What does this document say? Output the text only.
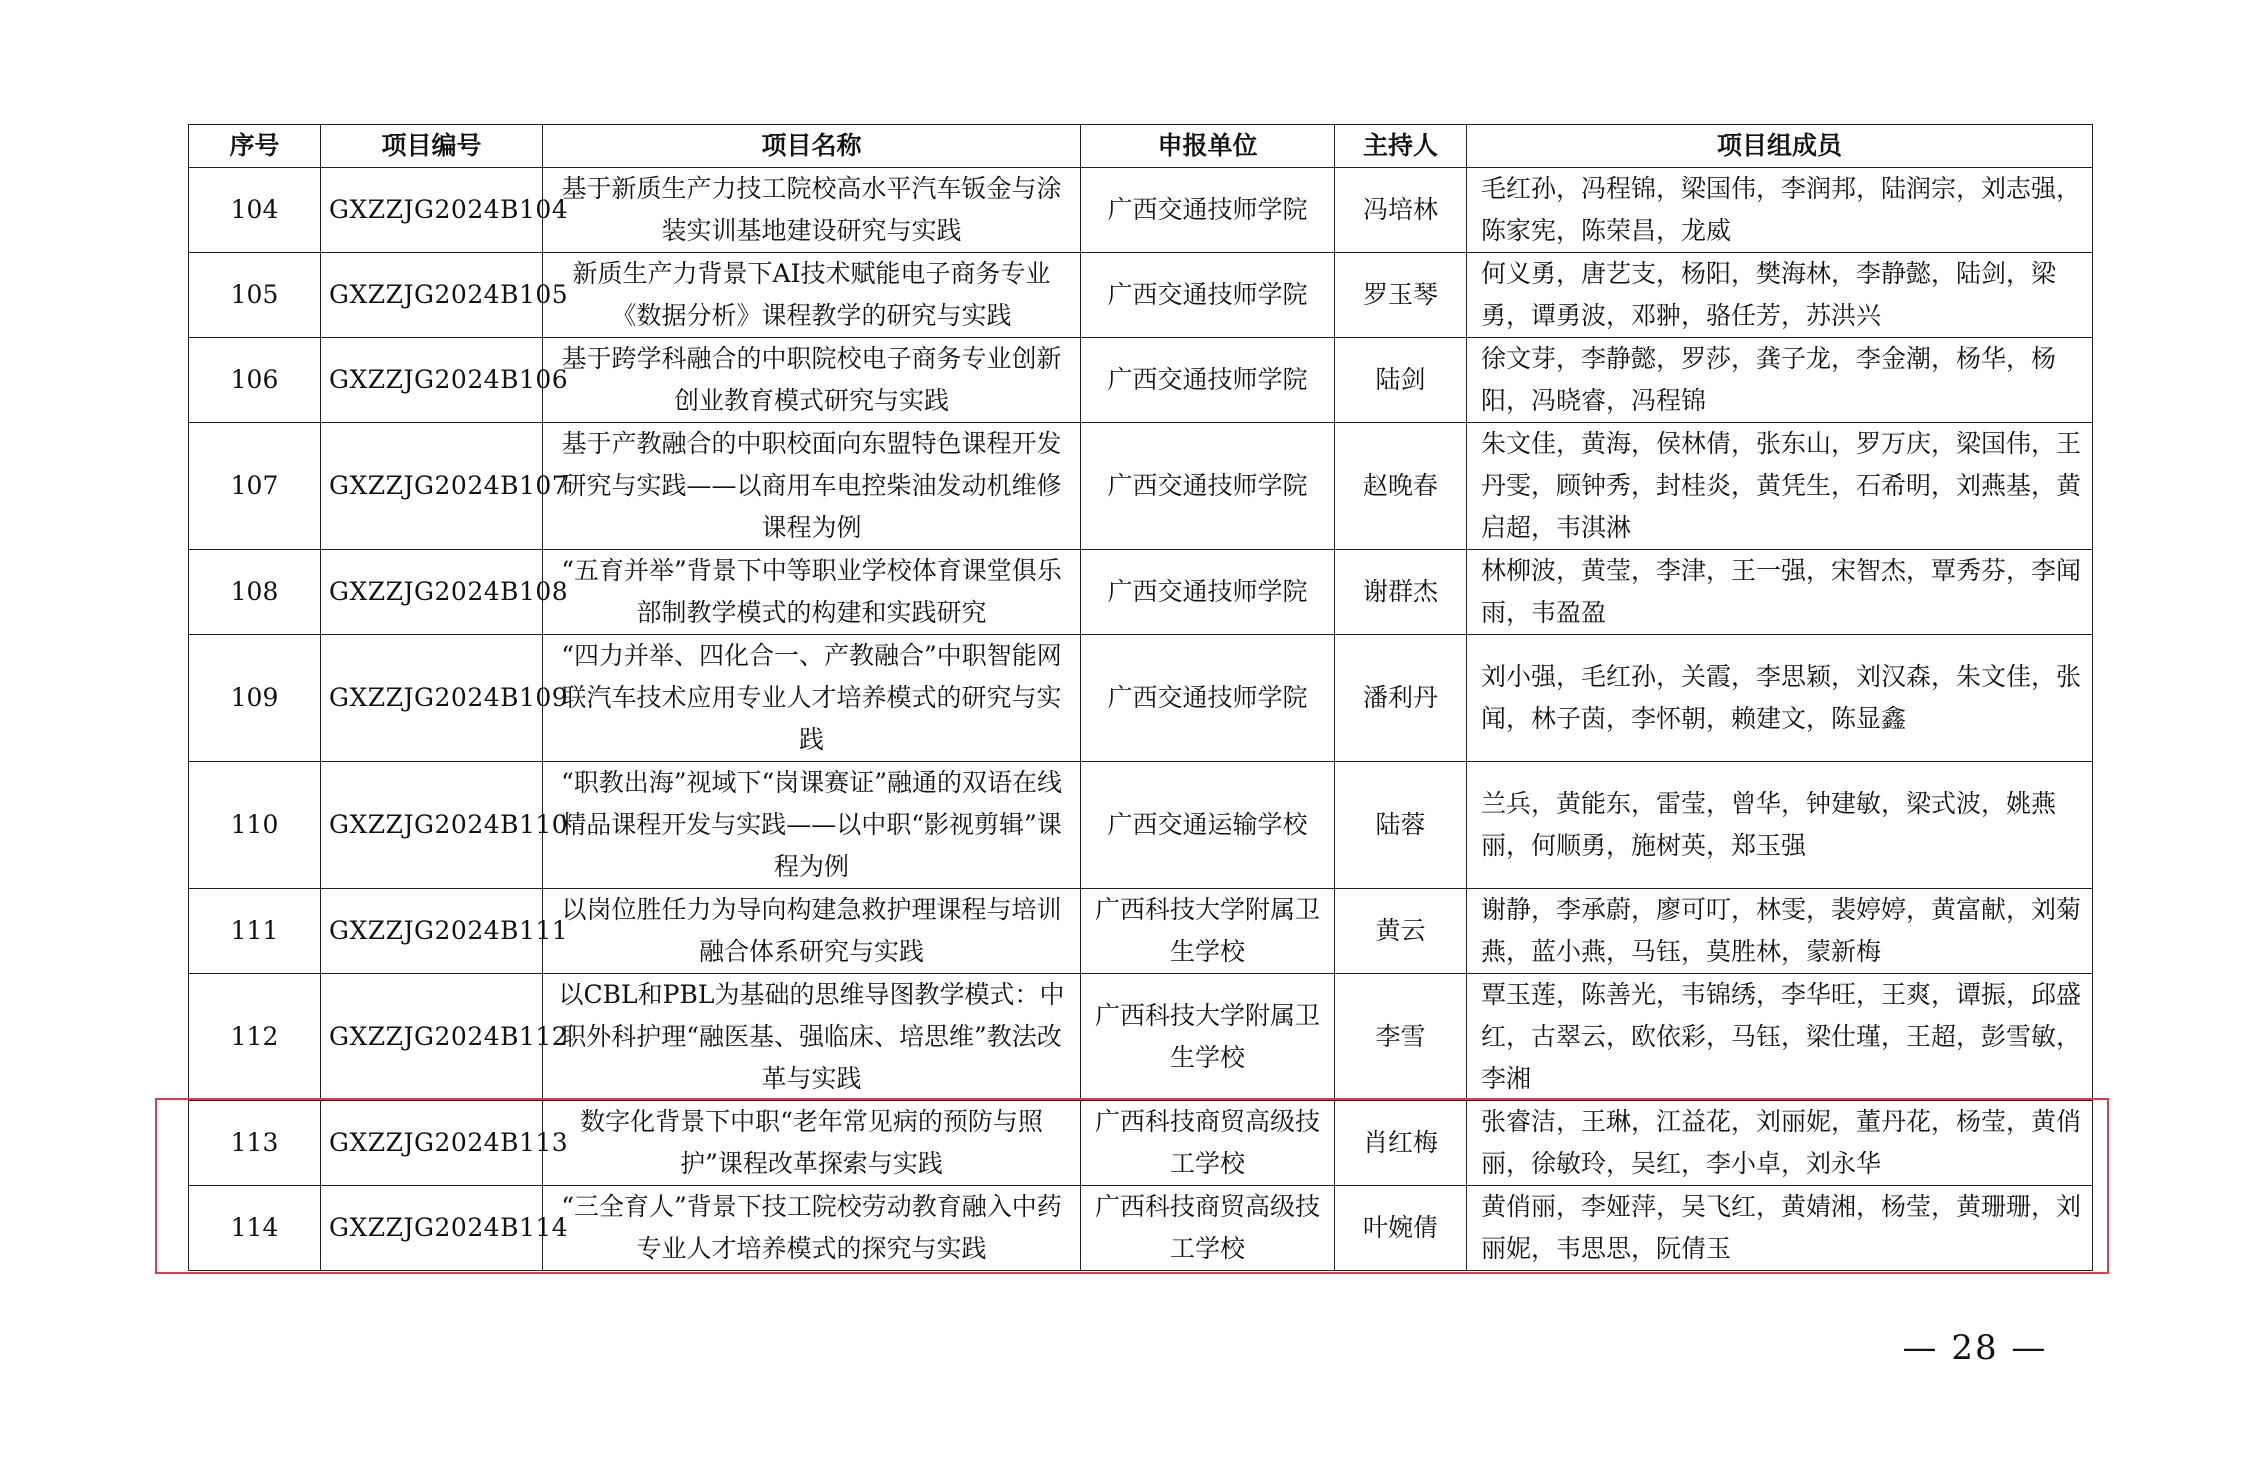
序号	项目编号	项目名称	申报单位	主持人	项目组成员
104	GXZZJG2024B104	基于新质生产力技工院校高水平汽车钣金与涂装实训基地建设研究与实践	广西交通技师学院	冯培林	毛红孙，冯程锦，梁国伟，李润邦，陆润宗，刘志强，陈家宪，陈荣昌，龙威
105	GXZZJG2024B105	新质生产力背景下AI技术赋能电子商务专业《数据分析》课程教学的研究与实践	广西交通技师学院	罗玉琴	何义勇，唐艺支，杨阳，樊海林，李静懿，陆剑，梁勇，谭勇波，邓翀，骆任芳，苏洪兴
106	GXZZJG2024B106	基于跨学科融合的中职院校电子商务专业创新创业教育模式研究与实践	广西交通技师学院	陆剑	徐文芽，李静懿，罗莎，龚子龙，李金潮，杨华，杨阳，冯晓睿，冯程锦
107	GXZZJG2024B107	基于产教融合的中职校面向东盟特色课程开发研究与实践——以商用车电控柴油发动机维修课程为例	广西交通技师学院	赵晚春	朱文佳，黄海，侯林倩，张东山，罗万庆，梁国伟，王丹雯，顾钟秀，封桂炎，黄凭生，石希明，刘燕基，黄启超，韦淇淋
108	GXZZJG2024B108	“五育并举”背景下中等职业学校体育课堂俱乐部制教学模式的构建和实践研究	广西交通技师学院	谢群杰	林柳波，黄莹，李津，王一强，宋智杰，覃秀芬，李闻雨，韦盈盈
109	GXZZJG2024B109	“四力并举、四化合一、产教融合”中职智能网联汽车技术应用专业人才培养模式的研究与实践	广西交通技师学院	潘利丹	刘小强，毛红孙，关霞，李思颖，刘汉森，朱文佳，张闻，林子茵，李怀朝，赖建文，陈显鑫
110	GXZZJG2024B110	“职教出海”视域下“岗课赛证”融通的双语在线精品课程开发与实践——以中职“影视剪辑”课程为例	广西交通运输学校	陆蓉	兰兵，黄能东，雷莹，曾华，钟建敏，梁式波，姚燕丽，何顺勇，施树英，郑玉强
111	GXZZJG2024B111	以岗位胜任力为导向构建急救护理课程与培训融合体系研究与实践	广西科技大学附属卫生学校	黄云	谢静，李承蔚，廖可叮，林雯，裴婷婷，黄富献，刘菊燕，蓝小燕，马钰，莫胜林，蒙新梅
112	GXZZJG2024B112	以CBL和PBL为基础的思维导图教学模式：中职外科护理“融医基、强临床、培思维”教法改革与实践	广西科技大学附属卫生学校	李雪	覃玉莲，陈善光，韦锦绣，李华旺，王爽，谭振，邱盛红，古翠云，欧依彩，马钰，梁仕瑾，王超，彭雪敏，李湘
113	GXZZJG2024B113	数字化背景下中职“老年常见病的预防与照护”课程改革探索与实践	广西科技商贸高级技工学校	肖红梅	张睿洁，王琳，江益花，刘丽妮，董丹花，杨莹，黄俏丽，徐敏玲，吴红，李小卓，刘永华
114	GXZZJG2024B114	“三全育人”背景下技工院校劳动教育融入中药专业人才培养模式的探究与实践	广西科技商贸高级技工学校	叶婉倩	黄俏丽，李娅萍，吴飞红，黄婧湘，杨莹，黄珊珊，刘丽妮，韦思思，阮倩玉
— 28 —
